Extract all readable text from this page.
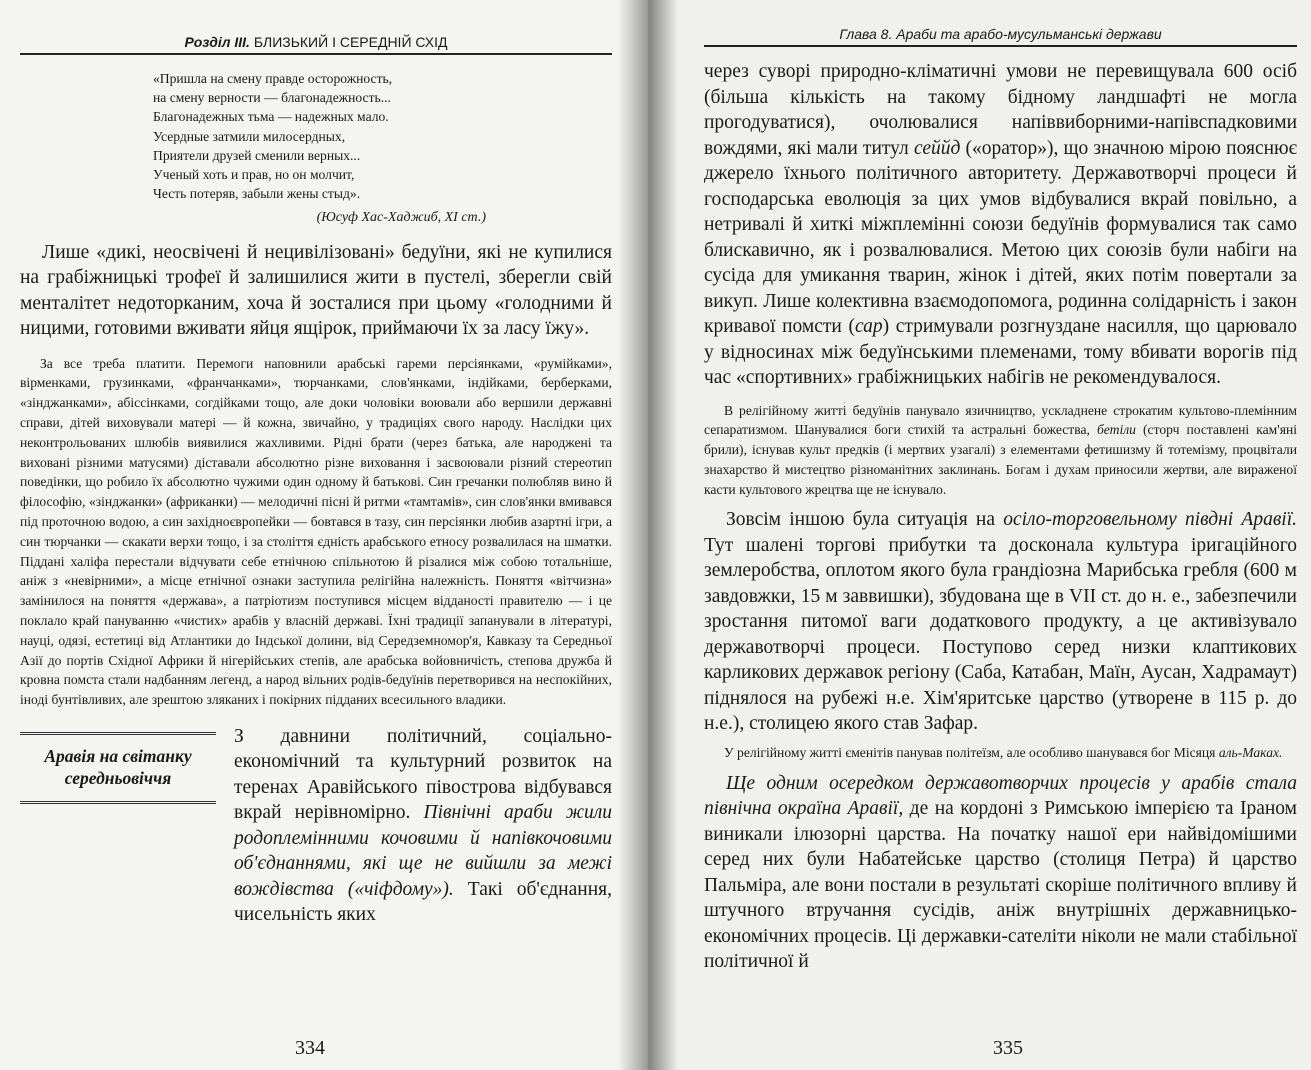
Розділ III. БЛИЗЬКИЙ І СЕРЕДНІЙ СХІД
«Пришла на смену правде осторожность,
на смену верности — благонадежность...
Благонадежных тьма — надежных мало.
Усердные затмили милосердных,
Приятели друзей сменили верных...
Ученый хоть и прав, но он молчит,
Честь потеряв, забыли жены стыд».
(Юсуф Хас-Хаджиб, XI ст.)

Лише «дикі, неосвічені й нецивілізовані» бедуїни, які не купилися на грабіжницькі трофеї й залишилися жити в пустелі, зберегли свій менталітет недоторканим, хоча й зосталися при цьому «голодними й ницими, готовими вживати яйця ящірок, приймаючи їх за ласу їжу».

За все треба платити. Перемоги наповнили арабські гареми персіянками, «румійками», вірменками, грузинками, «франчанками», тюрчанками, слов'янками, індійками, берберками, «зінджанками», абіссінками, согдійками тощо, але доки чоловіки воювали або вершили державні справи, дітей виховували матері — й кожна, звичайно, у традиціях свого народу. Наслідки цих неконтрольованих шлюбів виявилися жахливими. Рідні брати (через батька, але народжені та виховані різними матусями) діставали абсолютно різне виховання і засвоювали різний стереотип поведінки, що робило їх абсолютно чужими один одному й батькові. Син гречанки полюбляв вино й філософію, «зінджанки» (африканки) — мелодичні пісні й ритми «тамтамів», син слов'янки вмивався під проточною водою, а син західноєвропейки — бовтався в тазу, син персіянки любив азартні ігри, а син тюрчанки — скакати верхи тощо, і за століття єдність арабського етносу розвалилася на шматки. Піддані халіфа перестали відчувати себе етнічною спільнотою й різалися між собою тотальніше, аніж з «невірними», а місце етнічної ознаки заступила релігійна належність. Поняття «вітчизна» замінилося на поняття «держава», а патріотизм поступився місцем відданості правителю — і це поклало край пануванню «чистих» арабів у власній державі. Їхні традиції запанували в літературі, науці, одязі, естетиці від Атлантики до Індської долини, від Середземномор'я, Кавказу та Середньої Азії до портів Східної Африки й нігерійських степів, але арабська войовничість, степова дружба й кровна помста стали надбанням легенд, а народ вільних родів-бедуїнів перетворився на неспокійних, іноді бунтівливих, але зрештою зляканих і покірних підданих всесильного владики.

Аравія на світанку середньовіччя

З давнини політичний, соціально-економічний та культурний розвиток на теренах Аравійського півострова відбувався вкрай нерівномірно. Північні араби жили родоплемінними кочовими й напівкочовими об'єднаннями, які ще не вийшли за межі вождівства («чіфдому»). Такі об'єднання, чисельність яких

334
Глава 8. Араби та арабо-мусульманські держави

через суворі природно-кліматичні умови не перевищувала 600 осіб (більша кількість на такому бідному ландшафті не могла прогодуватися), очолювалися напіввиборними-напівспадковими вождями, які мали титул сеййд («оратор»), що значною мірою пояснює джерело їхнього політичного авторитету. Державотворчі процеси й господарська еволюція за цих умов відбувалися вкрай повільно, а нетривалі й хиткі міжплемінні союзи бедуїнів формувалися так само блискавично, як і розвалювалися. Метою цих союзів були набіги на сусіда для умикання тварин, жінок і дітей, яких потім повертали за викуп. Лише колективна взаємодопомога, родинна солідарність і закон кривавої помсти (сар) стримували розгнуздане насилля, що царювало у відносинах між бедуїнськими племенами, тому вбивати ворогів під час «спортивних» грабіжницьких набігів не рекомендувалося.

В релігійному житті бедуїнів панувало язичництво, ускладнене строкатим культово-племінним сепаратизмом. Шанувалися боги стихій та астральні божества, бетіли (сторч поставлені кам'яні брили), існував культ предків (і мертвих узагалі) з елементами фетишизму й тотемізму, процвітали знахарство й мистецтво різноманітних заклинань. Богам і духам приносили жертви, але вираженої касти культового жрецтва ще не існувало.

Зовсім іншою була ситуація на осіло-торговельному півдні Аравії. Тут шалені торгові прибутки та досконала культура іригаційного землеробства, оплотом якого була грандіозна Марибська гребля (600 м завдовжки, 15 м заввишки), збудована ще в VII ст. до н. е., забезпечили зростання питомої ваги додаткового продукту, а це активізувало державотворчі процеси. Поступово серед низки клаптикових карликових державок регіону (Саба, Катабан, Маїн, Аусан, Хадрамаут) піднялося на рубежі н.е. Хім'яритське царство (утворене в 115 р. до н.е.), столицею якого став Зафар.

У релігійному житті єменітів панував політеїзм, але особливо шанувався бог Місяця аль-Маках.

Ще одним осередком державотворчих процесів у арабів стала північна окраїна Аравії, де на кордоні з Римською імперією та Іраном виникали ілюзорні царства. На початку нашої ери найвідомішими серед них були Набатейське царство (столиця Петра) й царство Пальміра, але вони постали в результаті скоріше політичного впливу й штучного втручання сусідів, аніж внутрішніх державницько-економічних процесів. Ці державки-сателіти ніколи не мали стабільної політичної й

335
